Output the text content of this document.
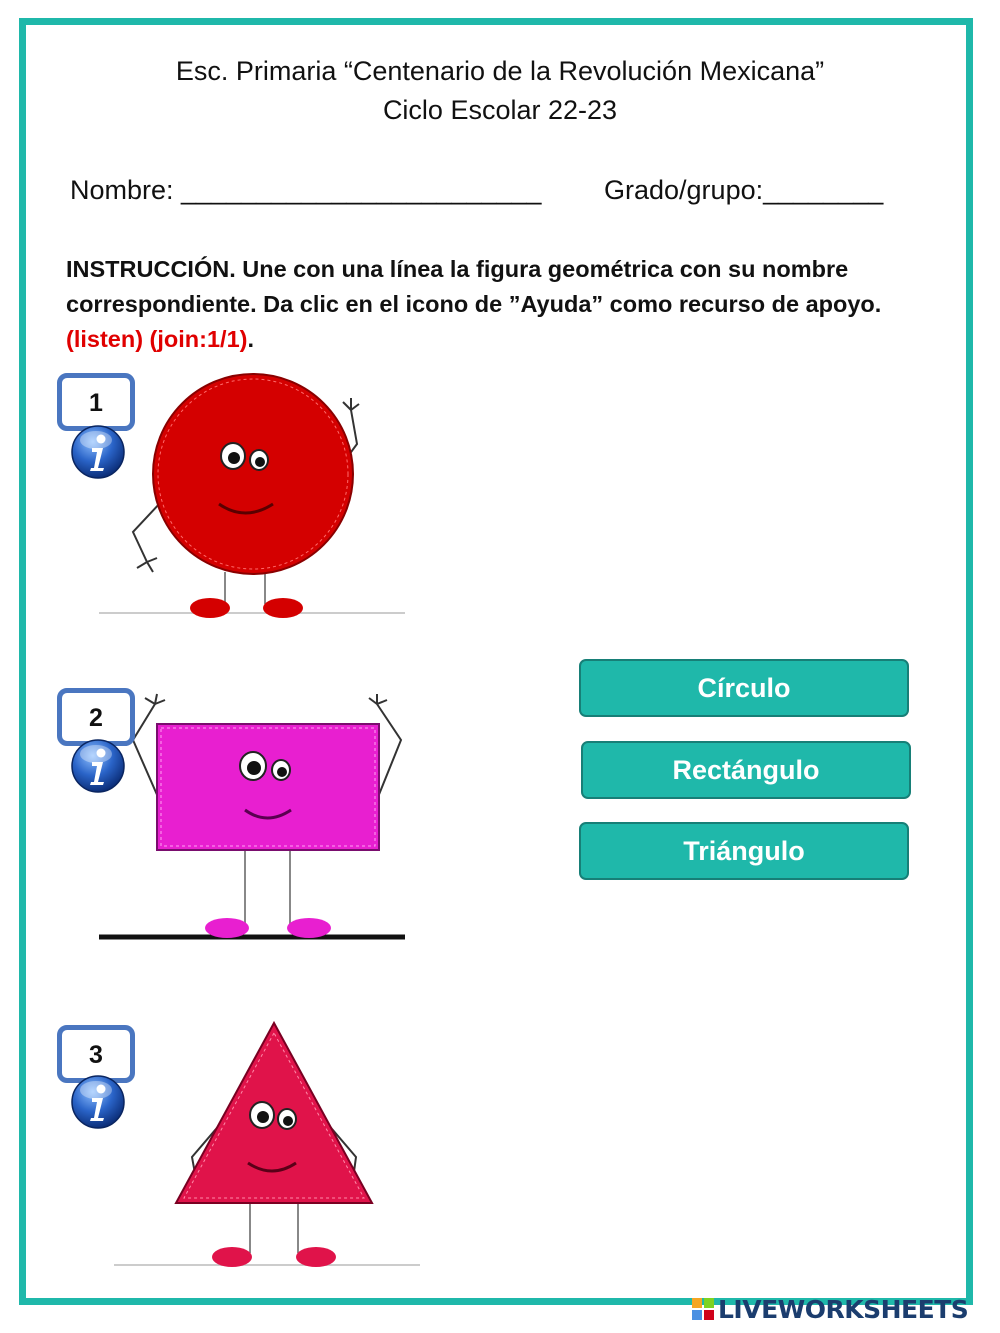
Esc. Primaria “Centenario de la Revolución Mexicana”
Ciclo Escolar 22-23
Nombre: ________________________ Grado/grupo:________
INSTRUCCIÓN. Une con una línea la figura geométrica con su nombre correspondiente. Da clic en el icono de ”Ayuda” como recurso de apoyo. (listen) (join:1/1).
1
2
3
Círculo
Rectángulo
Triángulo
LIVEWORKSHEETS
